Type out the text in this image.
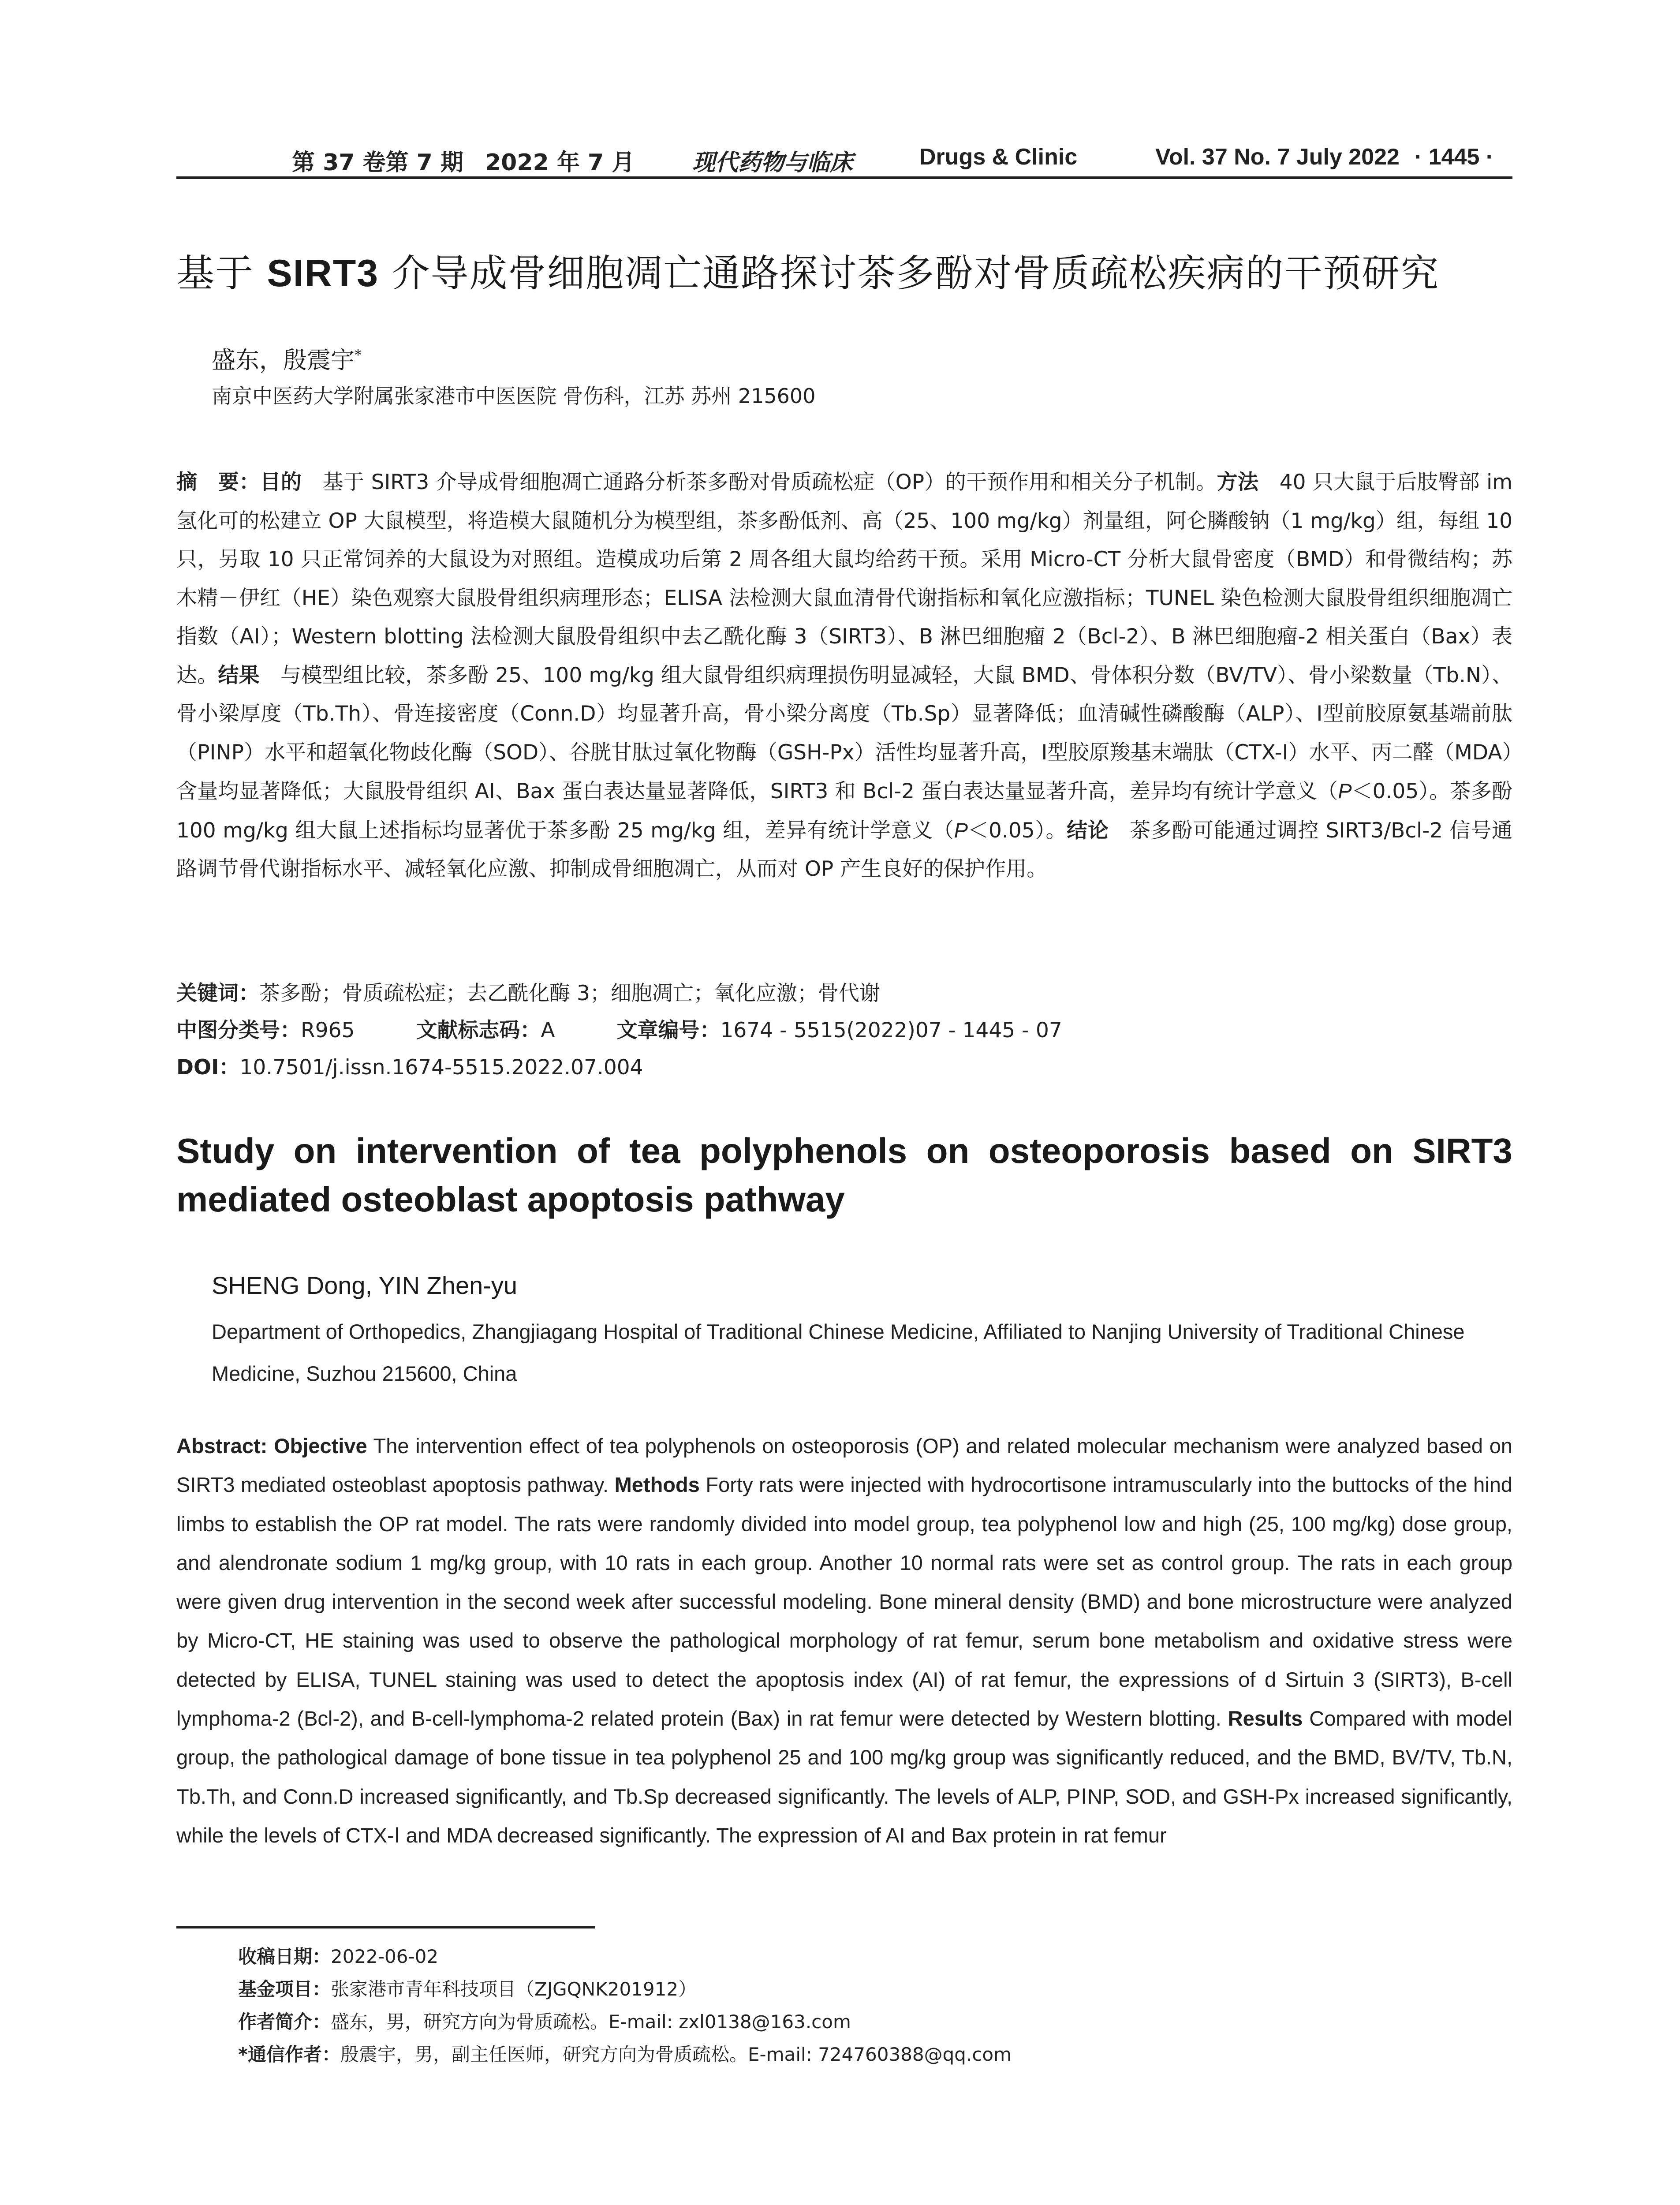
第 37 卷第 7 期 2022 年 7 月	现代药物与临床	Drugs & Clinic	Vol. 37 No. 7 July 2022 · 1445 ·
基于 SIRT3 介导成骨细胞凋亡通路探讨茶多酚对骨质疏松疾病的干预研究
盛东，殷震宇*
南京中医药大学附属张家港市中医医院 骨伤科，江苏 苏州 215600
摘　要：目的　基于 SIRT3 介导成骨细胞凋亡通路分析茶多酚对骨质疏松症（OP）的干预作用和相关分子机制。方法　40 只大鼠于后肢臀部 im 氢化可的松建立 OP 大鼠模型，将造模大鼠随机分为模型组，茶多酚低剂、高（25、100 mg/kg）剂量组，阿仑膦酸钠（1 mg/kg）组，每组 10 只，另取 10 只正常饲养的大鼠设为对照组。造模成功后第 2 周各组大鼠均给药干预。采用 Micro-CT 分析大鼠骨密度（BMD）和骨微结构；苏木精－伊红（HE）染色观察大鼠股骨组织病理形态；ELISA 法检测大鼠血清骨代谢指标和氧化应激指标；TUNEL 染色检测大鼠股骨组织细胞凋亡指数（AI）；Western blotting 法检测大鼠股骨组织中去乙酰化酶 3（SIRT3）、B 淋巴细胞瘤 2（Bcl-2）、B 淋巴细胞瘤-2 相关蛋白（Bax）表达。结果　与模型组比较，茶多酚 25、100 mg/kg 组大鼠骨组织病理损伤明显减轻，大鼠 BMD、骨体积分数（BV/TV）、骨小梁数量（Tb.N）、骨小梁厚度（Tb.Th）、骨连接密度（Conn.D）均显著升高，骨小梁分离度（Tb.Sp）显著降低；血清碱性磷酸酶（ALP）、Ⅰ型前胶原氨基端前肽（PⅠNP）水平和超氧化物歧化酶（SOD）、谷胱甘肽过氧化物酶（GSH-Px）活性均显著升高，Ⅰ型胶原羧基末端肽（CTX-Ⅰ）水平、丙二醛（MDA）含量均显著降低；大鼠股骨组织 AI、Bax 蛋白表达量显著降低，SIRT3 和 Bcl-2 蛋白表达量显著升高，差异均有统计学意义（P＜0.05）。茶多酚 100 mg/kg 组大鼠上述指标均显著优于茶多酚 25 mg/kg 组，差异有统计学意义（P＜0.05）。结论　茶多酚可能通过调控 SIRT3/Bcl-2 信号通路调节骨代谢指标水平、减轻氧化应激、抑制成骨细胞凋亡，从而对 OP 产生良好的保护作用。
关键词：茶多酚；骨质疏松症；去乙酰化酶 3；细胞凋亡；氧化应激；骨代谢
中图分类号：R965	文献标志码：A	文章编号：1674 - 5515(2022)07 - 1445 - 07
DOI：10.7501/j.issn.1674-5515.2022.07.004
Study on intervention of tea polyphenols on osteoporosis based on SIRT3
mediated osteoblast apoptosis pathway
SHENG Dong, YIN Zhen-yu
Department of Orthopedics, Zhangjiagang Hospital of Traditional Chinese Medicine, Affiliated to Nanjing University of Traditional Chinese Medicine, Suzhou 215600, China
Abstract: Objective The intervention effect of tea polyphenols on osteoporosis (OP) and related molecular mechanism were analyzed based on SIRT3 mediated osteoblast apoptosis pathway. Methods Forty rats were injected with hydrocortisone intramuscularly into the buttocks of the hind limbs to establish the OP rat model. The rats were randomly divided into model group, tea polyphenol low and high (25, 100 mg/kg) dose group, and alendronate sodium 1 mg/kg group, with 10 rats in each group. Another 10 normal rats were set as control group. The rats in each group were given drug intervention in the second week after successful modeling. Bone mineral density (BMD) and bone microstructure were analyzed by Micro-CT, HE staining was used to observe the pathological morphology of rat femur, serum bone metabolism and oxidative stress were detected by ELISA, TUNEL staining was used to detect the apoptosis index (AI) of rat femur, the expressions of d Sirtuin 3 (SIRT3), B-cell lymphoma-2 (Bcl-2), and B-cell-lymphoma-2 related protein (Bax) in rat femur were detected by Western blotting. Results Compared with model group, the pathological damage of bone tissue in tea polyphenol 25 and 100 mg/kg group was significantly reduced, and the BMD, BV/TV, Tb.N, Tb.Th, and Conn.D increased significantly, and Tb.Sp decreased significantly. The levels of ALP, PⅠNP, SOD, and GSH-Px increased significantly, while the levels of CTX-Ⅰ and MDA decreased significantly. The expression of AI and Bax protein in rat femur
收稿日期：2022-06-02
基金项目：张家港市青年科技项目（ZJGQNK201912）
作者简介：盛东，男，研究方向为骨质疏松。E-mail: zxl0138@163.com
*通信作者：殷震宇，男，副主任医师，研究方向为骨质疏松。E-mail: 724760388@qq.com
